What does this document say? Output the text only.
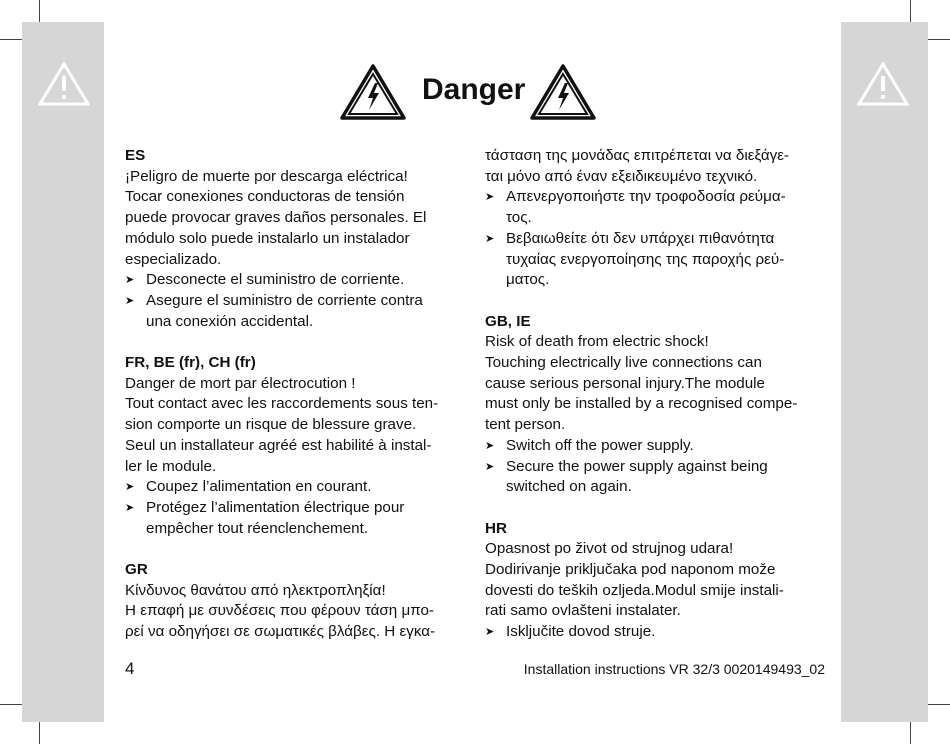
Danger
ES
¡Peligro de muerte por descarga eléctrica!
Tocar conexiones conductoras de tensión
puede provocar graves daños personales. El
módulo solo puede instalarlo un instalador
especializado.
➤ Desconecte el suministro de corriente.
➤ Asegure el suministro de corriente contra
una conexión accidental.
FR, BE (fr), CH (fr)
Danger de mort par électrocution !
Tout contact avec les raccordements sous ten-
sion comporte un risque de blessure grave.
Seul un installateur agréé est habilité à instal-
ler le module.
➤ Coupez l’alimentation en courant.
➤ Protégez l’alimentation électrique pour
empêcher tout réenclenchement.
GR
Κίνδυνος θανάτου από ηλεκτροπληξία!
Η επαφή με συνδέσεις που φέρουν τάση μπο-
ρεί να οδηγήσει σε σωματικές βλάβες. Η εγκα-
τάσταση της μονάδας επιτρέπεται να διεξάγε-
ται μόνο από έναν εξειδικευμένο τεχνικό.
➤ Απενεργοποιήστε την τροφοδοσία ρεύμα-
τος.
➤ Βεβαιωθείτε ότι δεν υπάρχει πιθανότητα
τυχαίας ενεργοποίησης της παροχής ρεύ-
ματος.
GB, IE
Risk of death from electric shock!
Touching electrically live connections can
cause serious personal injury.The module
must only be installed by a recognised compe-
tent person.
➤ Switch off the power supply.
➤ Secure the power supply against being
switched on again.
HR
Opasnost po život od strujnog udara!
Dodirivanje priključaka pod naponom može
dovesti do teških ozljeda.Modul smije instali-
rati samo ovlašteni instalater.
➤ Isključite dovod struje.
4	Installation instructions VR 32/3 0020149493_02
